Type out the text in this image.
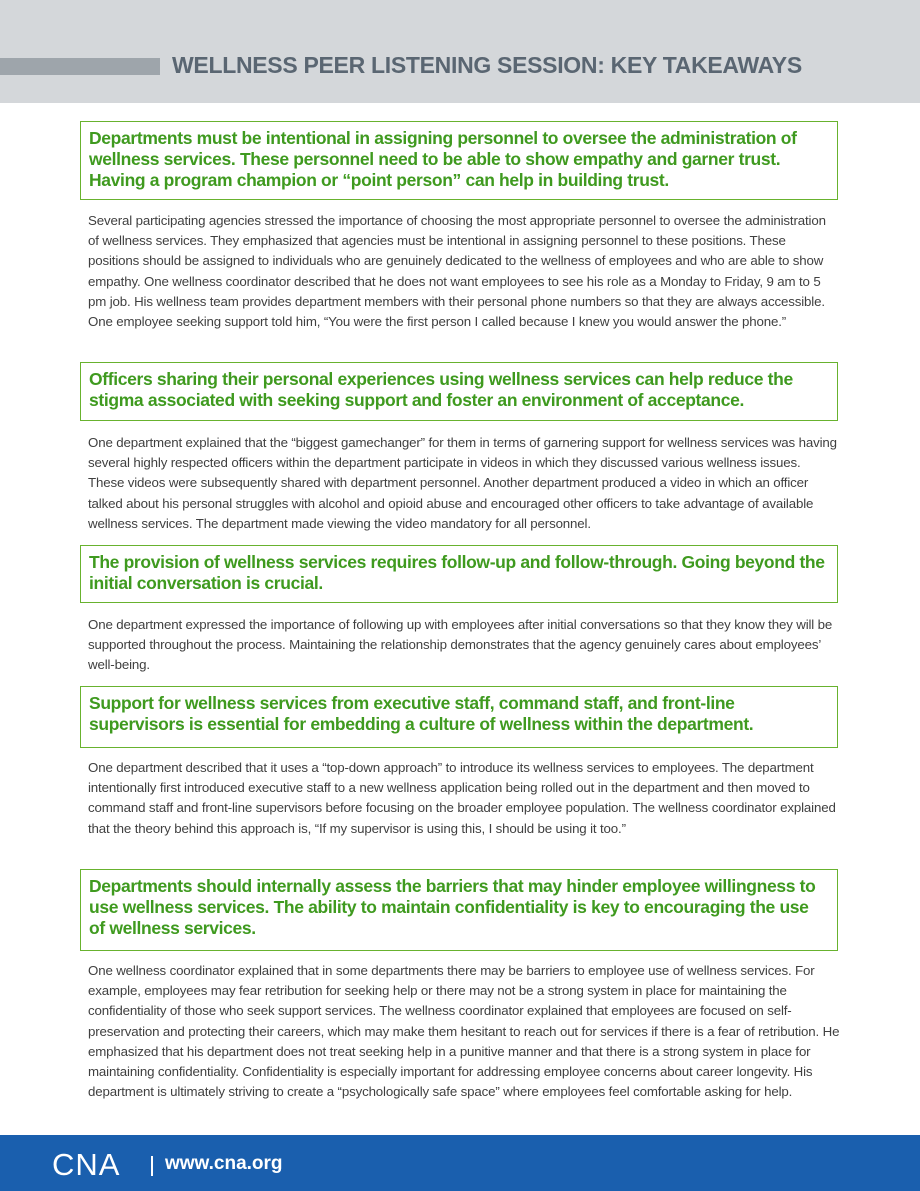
WELLNESS PEER LISTENING SESSION: KEY TAKEAWAYS
Departments must be intentional in assigning personnel to oversee the administration of wellness services. These personnel need to be able to show empathy and garner trust. Having a program champion or “point person” can help in building trust.
Several participating agencies stressed the importance of choosing the most appropriate personnel to oversee the administration of wellness services. They emphasized that agencies must be intentional in assigning personnel to these positions. These positions should be assigned to individuals who are genuinely dedicated to the wellness of employees and who are able to show empathy. One wellness coordinator described that he does not want employees to see his role as a Monday to Friday, 9 am to 5 pm job. His wellness team provides department members with their personal phone numbers so that they are always accessible. One employee seeking support told him, “You were the first person I called because I knew you would answer the phone.”
Officers sharing their personal experiences using wellness services can help reduce the stigma associated with seeking support and foster an environment of acceptance.
One department explained that the “biggest gamechanger” for them in terms of garnering support for wellness services was having several highly respected officers within the department participate in videos in which they discussed various wellness issues. These videos were subsequently shared with department personnel. Another department produced a video in which an officer talked about his personal struggles with alcohol and opioid abuse and encouraged other officers to take advantage of available wellness services. The department made viewing the video mandatory for all personnel.
The provision of wellness services requires follow-up and follow-through. Going beyond the initial conversation is crucial.
One department expressed the importance of following up with employees after initial conversations so that they know they will be supported throughout the process. Maintaining the relationship demonstrates that the agency genuinely cares about employees’ well-being.
Support for wellness services from executive staff, command staff, and front-line supervisors is essential for embedding a culture of wellness within the department.
One department described that it uses a “top-down approach” to introduce its wellness services to employees. The department intentionally first introduced executive staff to a new wellness application being rolled out in the department and then moved to command staff and front-line supervisors before focusing on the broader employee population. The wellness coordinator explained that the theory behind this approach is, “If my supervisor is using this, I should be using it too.”
Departments should internally assess the barriers that may hinder employee willingness to use wellness services. The ability to maintain confidentiality is key to encouraging the use of wellness services.
One wellness coordinator explained that in some departments there may be barriers to employee use of wellness services. For example, employees may fear retribution for seeking help or there may not be a strong system in place for maintaining the confidentiality of those who seek support services. The wellness coordinator explained that employees are focused on self-preservation and protecting their careers, which may make them hesitant to reach out for services if there is a fear of retribution. He emphasized that his department does not treat seeking help in a punitive manner and that there is a strong system in place for maintaining confidentiality. Confidentiality is especially important for addressing employee concerns about career longevity. His department is ultimately striving to create a “psychologically safe space” where employees feel comfortable asking for help.
CNA www.cna.org
